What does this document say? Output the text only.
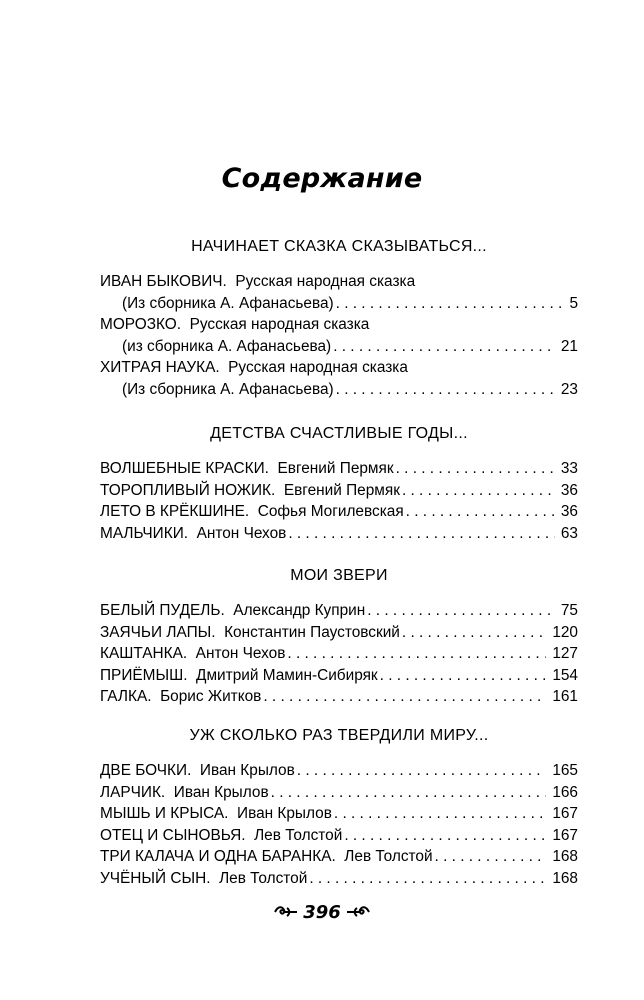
Содержание
НАЧИНАЕТ СКАЗКА СКАЗЫВАТЬСЯ...
ИВАН БЫКОВИЧ. Русская народная сказка
(Из сборника А. Афанасьева) . . .	5
МОРОЗКО. Русская народная сказка
(из сборника А. Афанасьева) . . .	21
ХИТРАЯ НАУКА. Русская народная сказка
(Из сборника А. Афанасьева) . . .	23
ДЕТСТВА СЧАСТЛИВЫЕ ГОДЫ...
ВОЛШЕБНЫЕ КРАСКИ. Евгений Пермяк . . .	33
ТОРОПЛИВЫЙ НОЖИК. Евгений Пермяк . . .	36
ЛЕТО В КРЁКШИНЕ. Софья Могилевская . . .	36
МАЛЬЧИКИ. Антон Чехов . . .	63
МОИ ЗВЕРИ
БЕЛЫЙ ПУДЕЛЬ. Александр Куприн . . .	75
ЗАЯЧЬИ ЛАПЫ. Константин Паустовский . . .	120
КАШТАНКА. Антон Чехов . . .	127
ПРИЁМЫШ. Дмитрий Мамин-Сибиряк . . .	154
ГАЛКА. Борис Житков . . .	161
УЖ СКОЛЬКО РАЗ ТВЕРДИЛИ МИРУ...
ДВЕ БОЧКИ. Иван Крылов . . .	165
ЛАРЧИК. Иван Крылов . . .	166
МЫШЬ И КРЫСА. Иван Крылов . . .	167
ОТЕЦ И СЫНОВЬЯ. Лев Толстой . . .	167
ТРИ КАЛАЧА И ОДНА БАРАНКА. Лев Толстой . . .	168
УЧЁНЫЙ СЫН. Лев Толстой . . .	168
396
